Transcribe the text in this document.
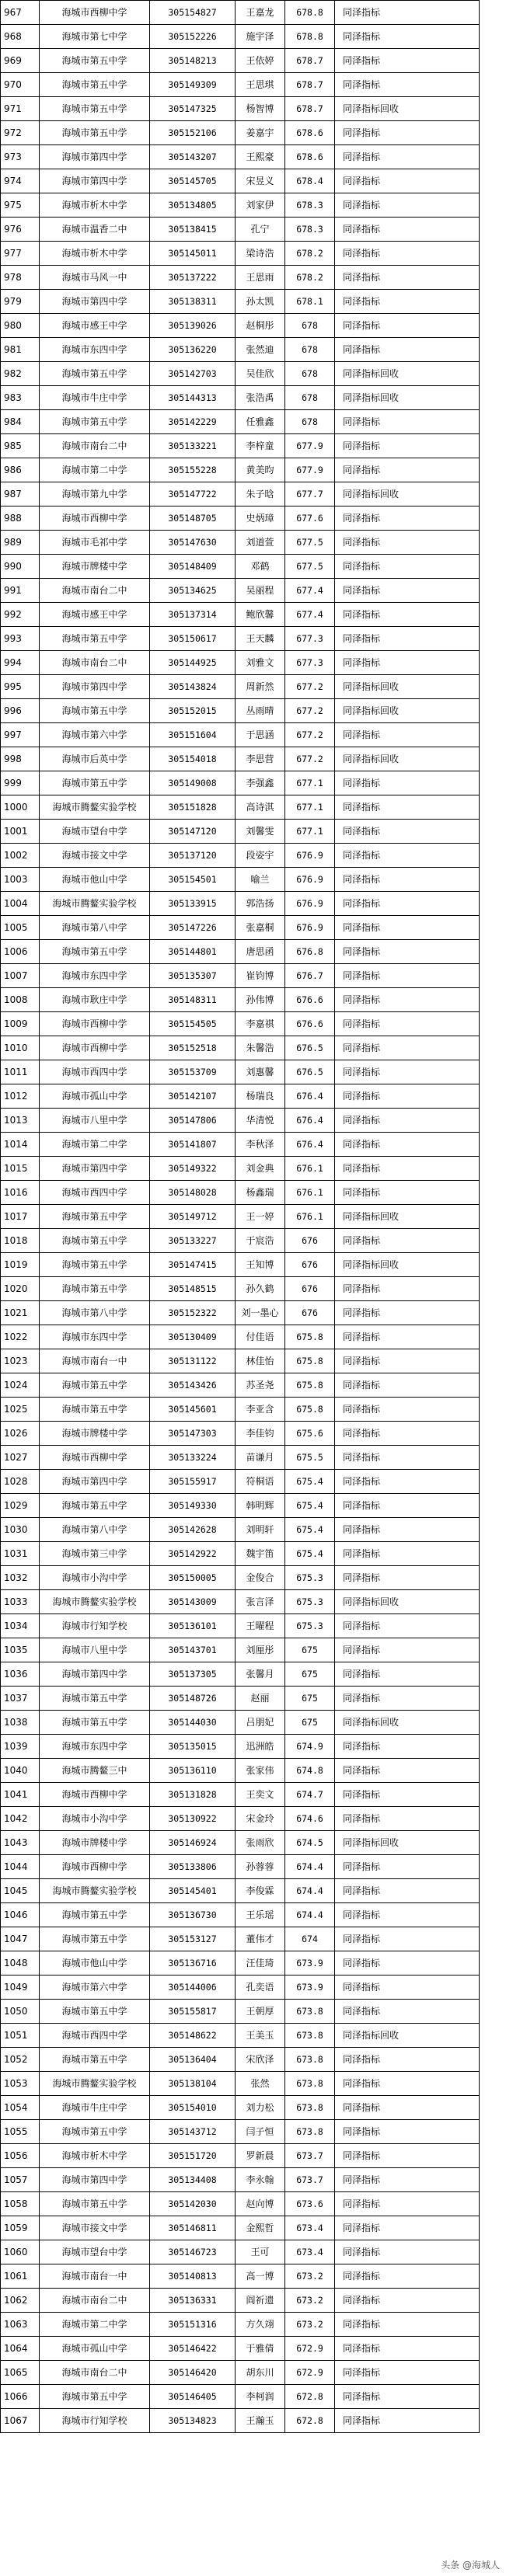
967	海城市西柳中学	305154827	王嘉龙	678.8	同泽指标
968	海城市第七中学	305152226	施宇泽	678.8	同泽指标
969	海城市第五中学	305148213	王依婷	678.7	同泽指标
970	海城市第五中学	305149309	王思琪	678.7	同泽指标
971	海城市第五中学	305147325	杨智博	678.7	同泽指标回收
972	海城市第五中学	305152106	姜嘉宇	678.6	同泽指标
973	海城市第四中学	305143207	王熙豪	678.6	同泽指标
974	海城市第四中学	305145705	宋昱义	678.4	同泽指标
975	海城市析木中学	305134805	刘家伊	678.3	同泽指标
976	海城市温香二中	305138415	孔宁	678.3	同泽指标
977	海城市析木中学	305145011	梁诗浩	678.2	同泽指标
978	海城市马风一中	305137222	王思雨	678.2	同泽指标
979	海城市第四中学	305138311	孙太凯	678.1	同泽指标
980	海城市感王中学	305139026	赵桐彤	678	同泽指标
981	海城市东四中学	305136220	张然迪	678	同泽指标
982	海城市第五中学	305142703	吴佳欣	678	同泽指标回收
983	海城市牛庄中学	305144313	张浩禹	678	同泽指标回收
984	海城市第五中学	305142229	任雅鑫	678	同泽指标
985	海城市南台二中	305133221	李梓童	677.9	同泽指标
986	海城市第二中学	305155228	黄美昀	677.9	同泽指标
987	海城市第九中学	305147722	朱子晗	677.7	同泽指标回收
988	海城市西柳中学	305148705	史炳璋	677.6	同泽指标
989	海城市毛祁中学	305147630	刘道萱	677.5	同泽指标
990	海城市牌楼中学	305148409	邓鹤	677.5	同泽指标
991	海城市南台二中	305134625	吴丽程	677.4	同泽指标
992	海城市感王中学	305137314	鲍欣馨	677.4	同泽指标
993	海城市第五中学	305150617	王天麟	677.3	同泽指标
994	海城市南台二中	305144925	刘雅文	677.3	同泽指标
995	海城市第四中学	305143824	周新然	677.2	同泽指标回收
996	海城市第五中学	305152015	丛雨晴	677.2	同泽指标回收
997	海城市第六中学	305151604	于思涵	677.2	同泽指标
998	海城市后英中学	305154018	李思营	677.2	同泽指标回收
999	海城市第五中学	305149008	李强鑫	677.1	同泽指标
1000	海城市腾鳌实验学校	305151828	高诗淇	677.1	同泽指标
1001	海城市望台中学	305147120	刘馨雯	677.1	同泽指标
1002	海城市接文中学	305137120	段姿宇	676.9	同泽指标
1003	海城市他山中学	305154501	喻兰	676.9	同泽指标
1004	海城市腾鳌实验学校	305133915	郭浩扬	676.9	同泽指标
1005	海城市第八中学	305147226	张嘉桐	676.9	同泽指标
1006	海城市第五中学	305144801	唐思函	676.8	同泽指标
1007	海城市东四中学	305135307	崔钧博	676.7	同泽指标
1008	海城市耿庄中学	305148311	孙伟博	676.6	同泽指标
1009	海城市西柳中学	305154505	李嘉祺	676.6	同泽指标
1010	海城市西柳中学	305152518	朱馨浩	676.5	同泽指标
1011	海城市西四中学	305153709	刘惠馨	676.5	同泽指标
1012	海城市孤山中学	305142107	杨瑞良	676.4	同泽指标
1013	海城市八里中学	305147806	华清悦	676.4	同泽指标
1014	海城市第二中学	305141807	李秋泽	676.4	同泽指标
1015	海城市第四中学	305149322	刘金典	676.1	同泽指标
1016	海城市西四中学	305148028	杨鑫瑞	676.1	同泽指标
1017	海城市第五中学	305149712	王一婷	676.1	同泽指标回收
1018	海城市第五中学	305133227	于宸浩	676	同泽指标
1019	海城市第五中学	305147415	王知博	676	同泽指标回收
1020	海城市第五中学	305148515	孙久鹤	676	同泽指标
1021	海城市第八中学	305152322	刘一墨心	676	同泽指标
1022	海城市东四中学	305130409	付佳语	675.8	同泽指标
1023	海城市南台一中	305131122	林佳怡	675.8	同泽指标
1024	海城市第五中学	305143426	苏圣尧	675.8	同泽指标
1025	海城市第五中学	305145601	李亚含	675.8	同泽指标
1026	海城市牌楼中学	305147303	李佳钧	675.6	同泽指标
1027	海城市西柳中学	305133224	苗谦月	675.5	同泽指标
1028	海城市第四中学	305155917	符桐语	675.4	同泽指标
1029	海城市第五中学	305149330	韩明辉	675.4	同泽指标
1030	海城市第八中学	305142628	刘明轩	675.4	同泽指标
1031	海城市第三中学	305142922	魏宇笛	675.4	同泽指标
1032	海城市小沟中学	305150005	金俊合	675.3	同泽指标
1033	海城市腾鳌实验学校	305143009	张言泽	675.3	同泽指标回收
1034	海城市行知学校	305136101	王曜程	675.3	同泽指标
1035	海城市八里中学	305143701	刘厘彤	675	同泽指标
1036	海城市第四中学	305137305	张馨月	675	同泽指标
1037	海城市第五中学	305148726	赵丽	675	同泽指标
1038	海城市第五中学	305144030	吕朋妃	675	同泽指标回收
1039	海城市东四中学	305135015	迅洲皓	674.9	同泽指标
1040	海城市腾鳌三中	305136110	张家伟	674.8	同泽指标
1041	海城市西柳中学	305131828	王奕文	674.7	同泽指标
1042	海城市小沟中学	305130922	宋金玲	674.6	同泽指标
1043	海城市牌楼中学	305146924	张雨欣	674.5	同泽指标回收
1044	海城市西柳中学	305133806	孙蓉蓉	674.4	同泽指标
1045	海城市腾鳌实验学校	305145401	李俊霖	674.4	同泽指标
1046	海城市第五中学	305136730	王乐瑶	674.4	同泽指标
1047	海城市第五中学	305153127	董伟才	674	同泽指标
1048	海城市他山中学	305136716	汪佳琦	673.9	同泽指标
1049	海城市第六中学	305144006	孔奕语	673.9	同泽指标
1050	海城市第五中学	305155817	王朝厚	673.8	同泽指标
1051	海城市西四中学	305148622	王美玉	673.8	同泽指标回收
1052	海城市第五中学	305136404	宋欣泽	673.8	同泽指标
1053	海城市腾鳌实验学校	305138104	张然	673.8	同泽指标
1054	海城市牛庄中学	305154010	刘力松	673.8	同泽指标
1055	海城市第五中学	305143712	闫子恒	673.8	同泽指标
1056	海城市析木中学	305151720	罗新晨	673.7	同泽指标
1057	海城市第四中学	305134408	李永翰	673.7	同泽指标
1058	海城市第五中学	305142030	赵向博	673.6	同泽指标
1059	海城市接文中学	305146811	金熙哲	673.4	同泽指标
1060	海城市望台中学	305146723	王可	673.4	同泽指标
1061	海城市南台一中	305140813	高一博	673.2	同泽指标
1062	海城市南台二中	305136331	阎祈遗	673.2	同泽指标
1063	海城市第二中学	305151316	方久翊	673.2	同泽指标
1064	海城市孤山中学	305146422	于雅倩	672.9	同泽指标
1065	海城市南台二中	305146420	胡东川	672.9	同泽指标
1066	海城市第五中学	305146405	李柯润	672.8	同泽指标
1067	海城市行知学校	305134823	王瀚玉	672.8	同泽指标
头条 @海城人
